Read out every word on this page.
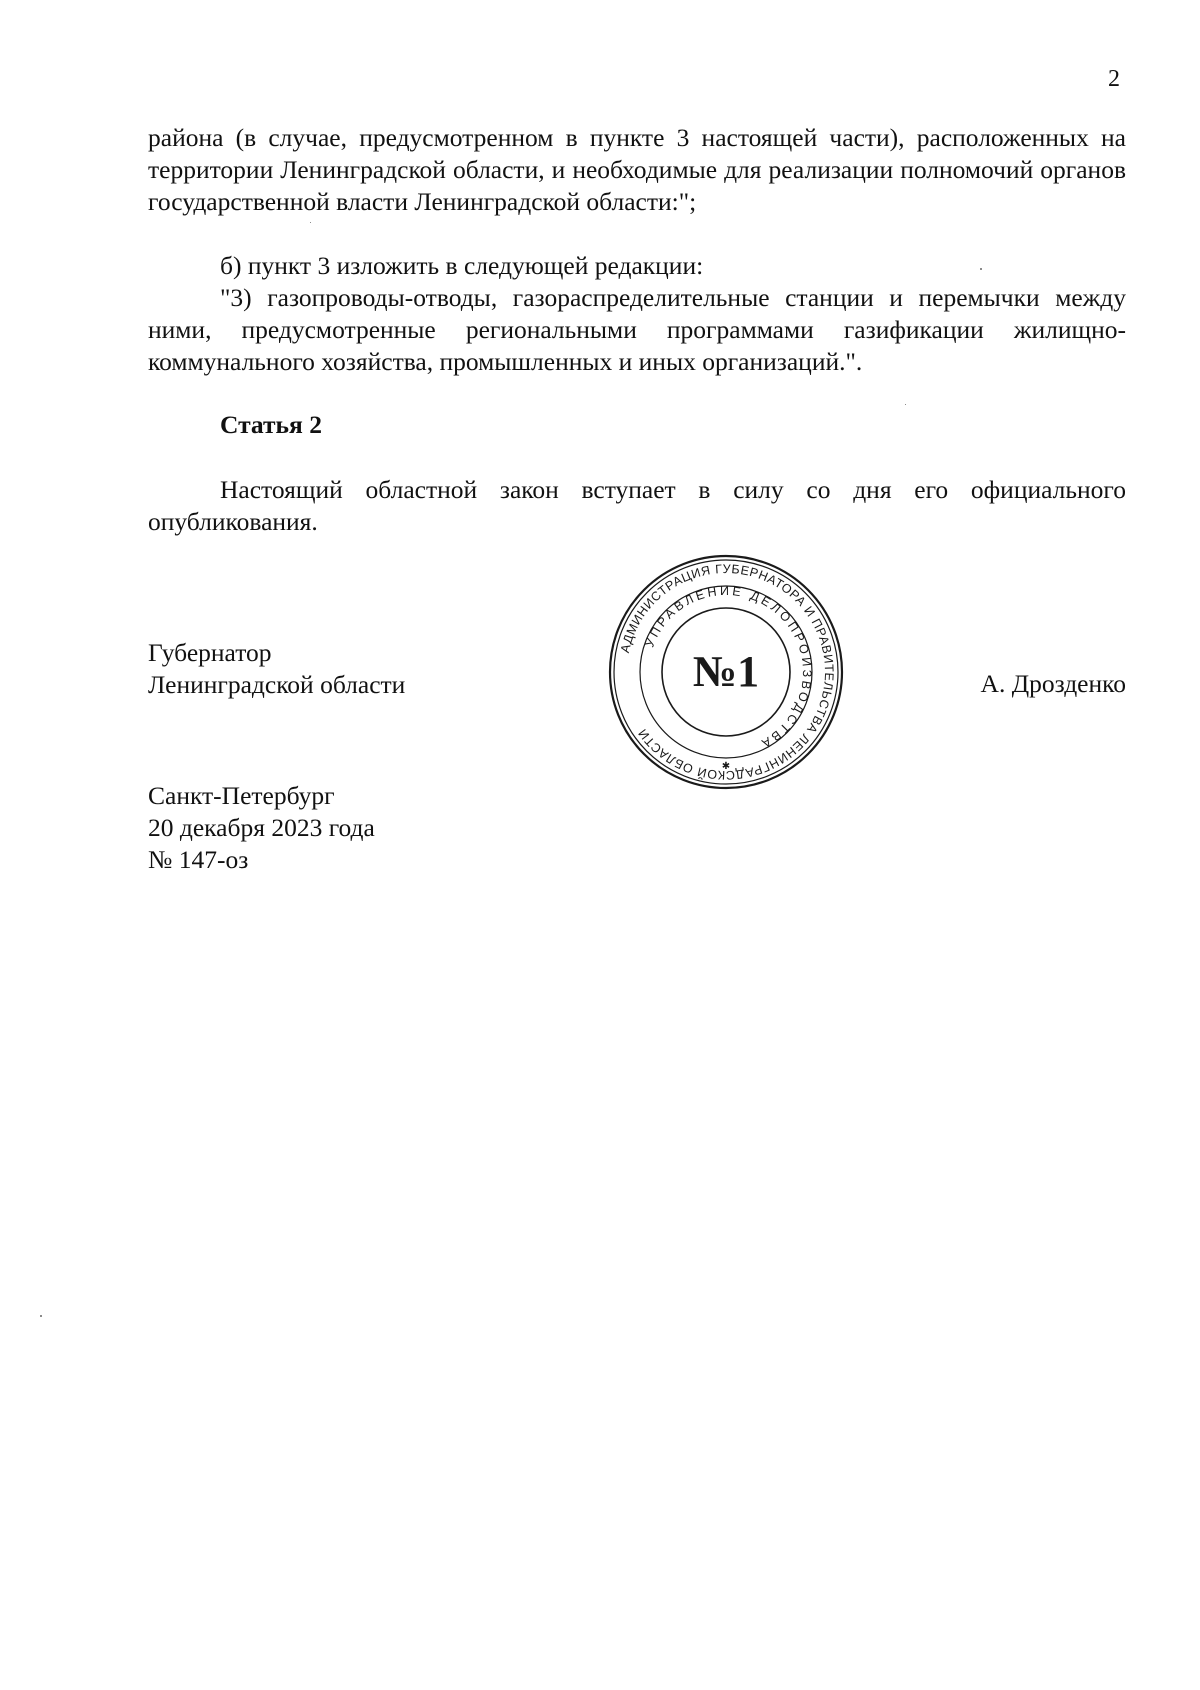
2

района (в случае, предусмотренном в пункте 3 настоящей части), расположенных на территории Ленинградской области, и необходимые для реализации полномочий органов государственной власти Ленинградской области:";

б) пункт 3 изложить в следующей редакции:

"3) газопроводы-отводы, газораспределительные станции и перемычки между ними, предусмотренные региональными программами газификации жилищно-коммунального хозяйства, промышленных и иных организаций.".

Статья 2

Настоящий областной закон вступает в силу со дня его официального опубликования.

Губернатор
Ленинградской области	А. Дрозденко
АДМИНИСТРАЦИЯ ГУБЕРНАТОРА И ПРАВИТЕЛЬСТВА ЛЕНИНГРАДСКОЙ ОБЛАСТИ
УПРАВЛЕНИЕ ДЕЛОПРОИЗВОДСТВА
№1
✱
Санкт-Петербург
20 декабря 2023 года
№ 147-оз
